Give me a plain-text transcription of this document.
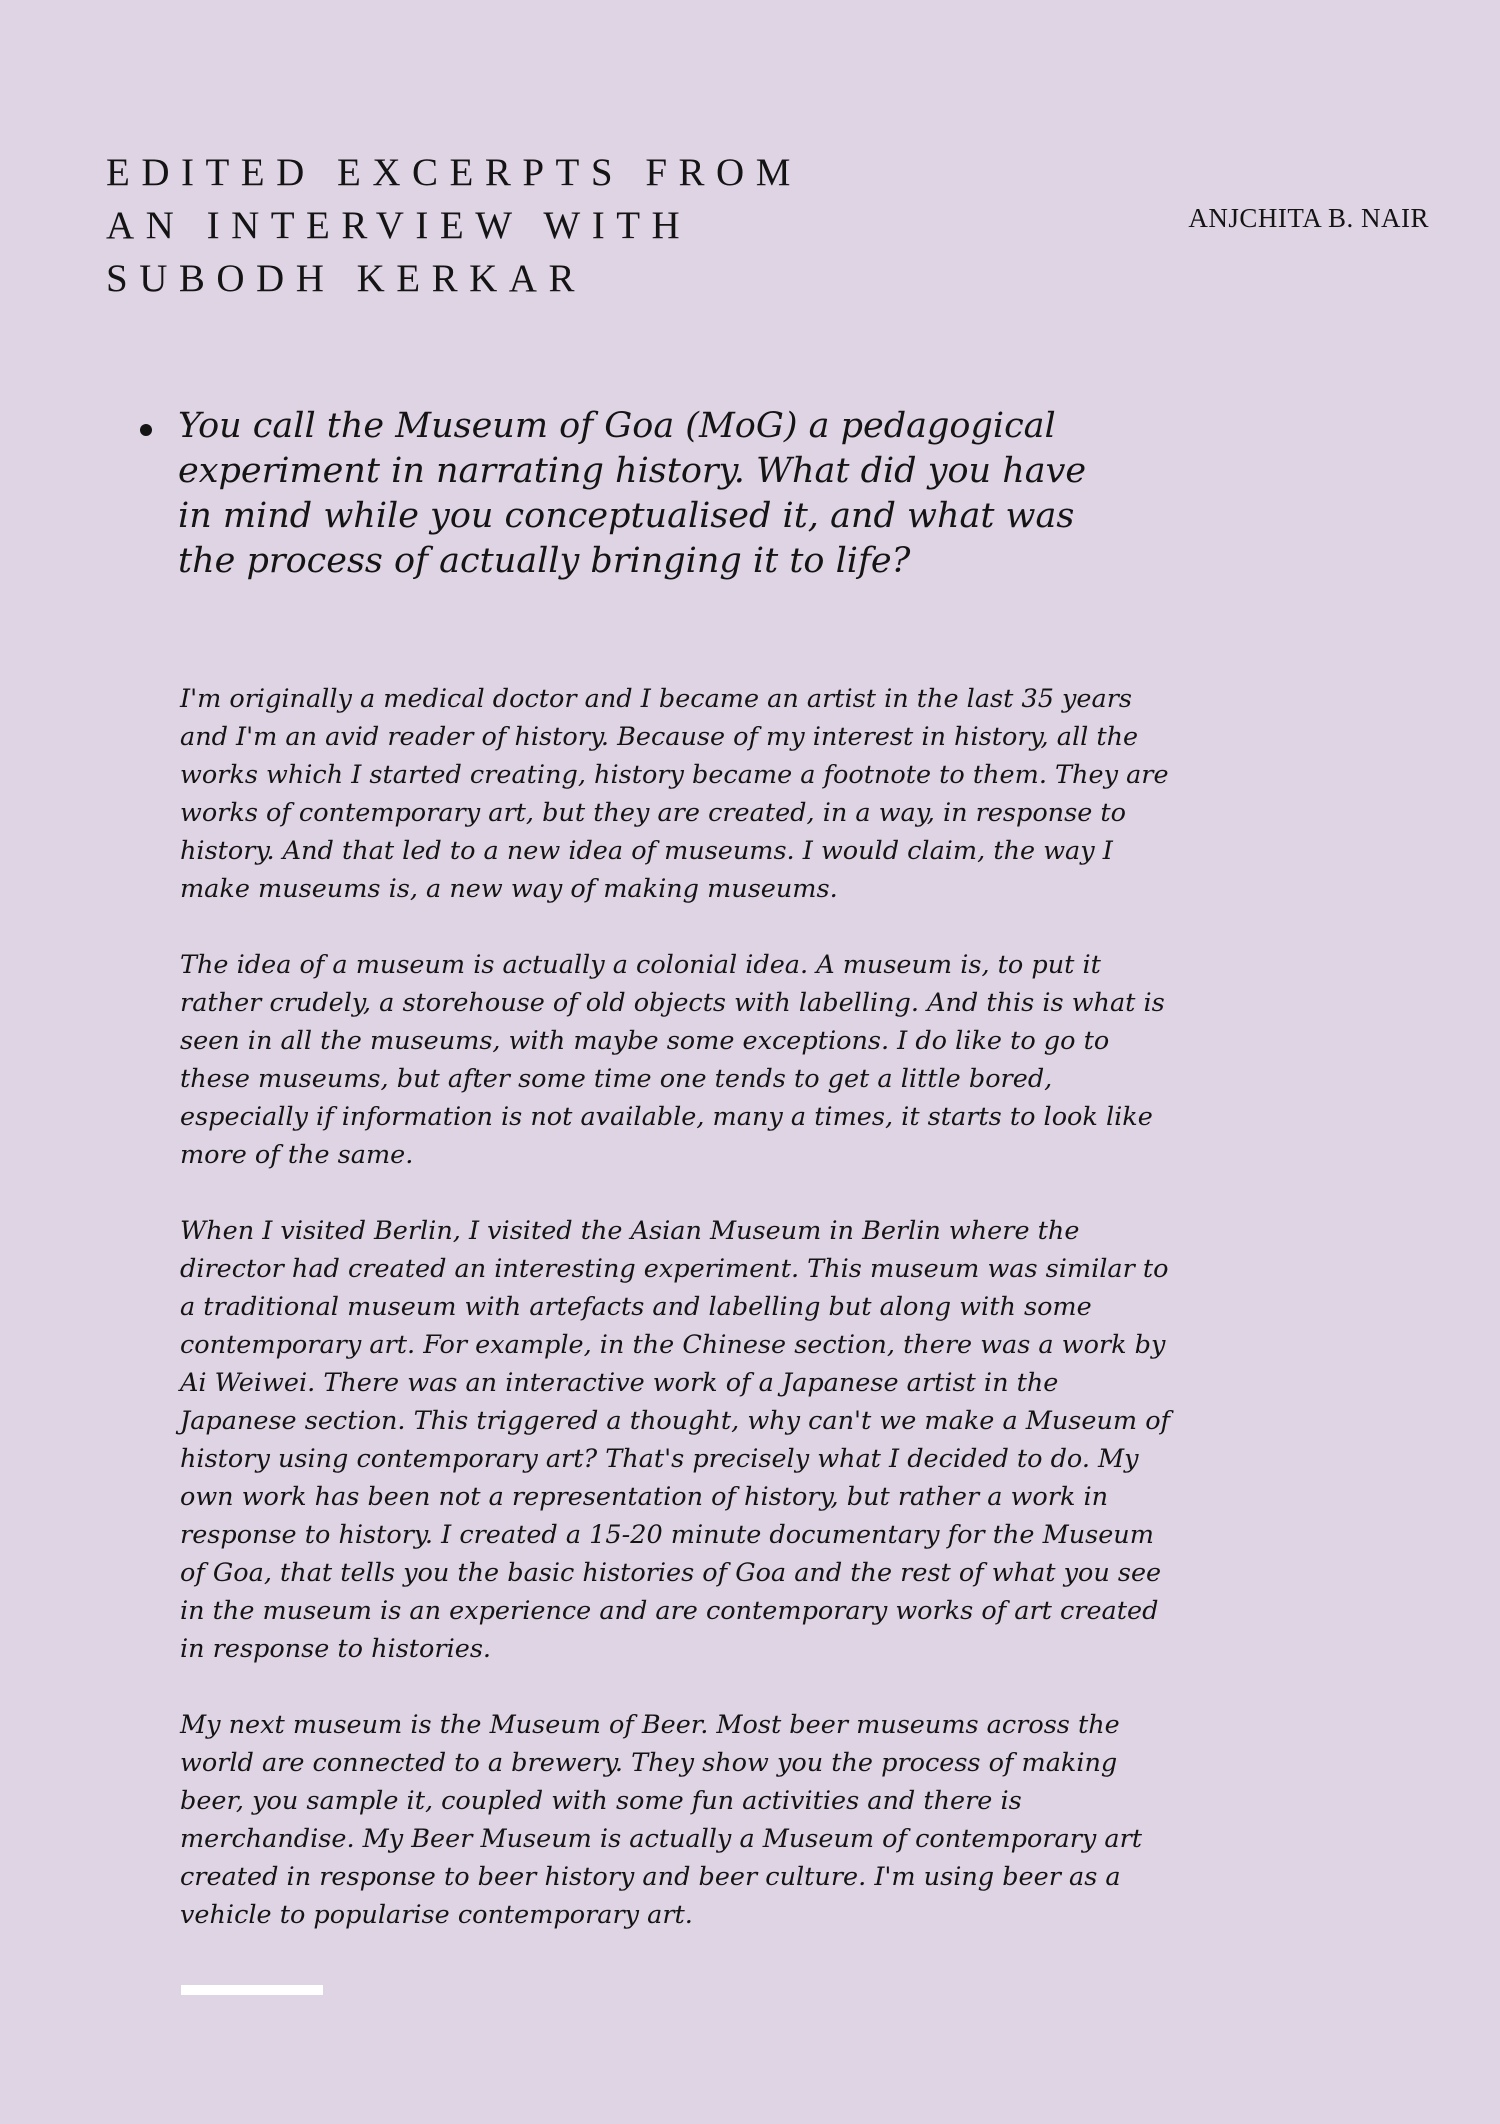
EDITED EXCERPTS FROM
AN INTERVIEW WITH
SUBODH KERKAR
ANJCHITA B. NAIR

You call the Museum of Goa (MoG) a pedagogical experiment in narrating history. What did you have in mind while you conceptualised it, and what was the process of actually bringing it to life?

I'm originally a medical doctor and I became an artist in the last 35 years and I'm an avid reader of history. Because of my interest in history, all the works which I started creating, history became a footnote to them. They are works of contemporary art, but they are created, in a way, in response to history. And that led to a new idea of museums. I would claim, the way I make museums is, a new way of making museums.

The idea of a museum is actually a colonial idea. A museum is, to put it rather crudely, a storehouse of old objects with labelling. And this is what is seen in all the museums, with maybe some exceptions. I do like to go to these museums, but after some time one tends to get a little bored, especially if information is not available, many a times, it starts to look like more of the same.

When I visited Berlin, I visited the Asian Museum in Berlin where the director had created an interesting experiment. This museum was similar to a traditional museum with artefacts and labelling but along with some contemporary art. For example, in the Chinese section, there was a work by Ai Weiwei. There was an interactive work of a Japanese artist in the Japanese section. This triggered a thought, why can't we make a Museum of history using contemporary art? That's precisely what I decided to do. My own work has been not a representation of history, but rather a work in response to history. I created a 15-20 minute documentary for the Museum of Goa, that tells you the basic histories of Goa and the rest of what you see in the museum is an experience and are contemporary works of art created in response to histories.

My next museum is the Museum of Beer. Most beer museums across the world are connected to a brewery. They show you the process of making beer, you sample it, coupled with some fun activities and there is merchandise. My Beer Museum is actually a Museum of contemporary art created in response to beer history and beer culture. I'm using beer as a vehicle to popularise contemporary art.
